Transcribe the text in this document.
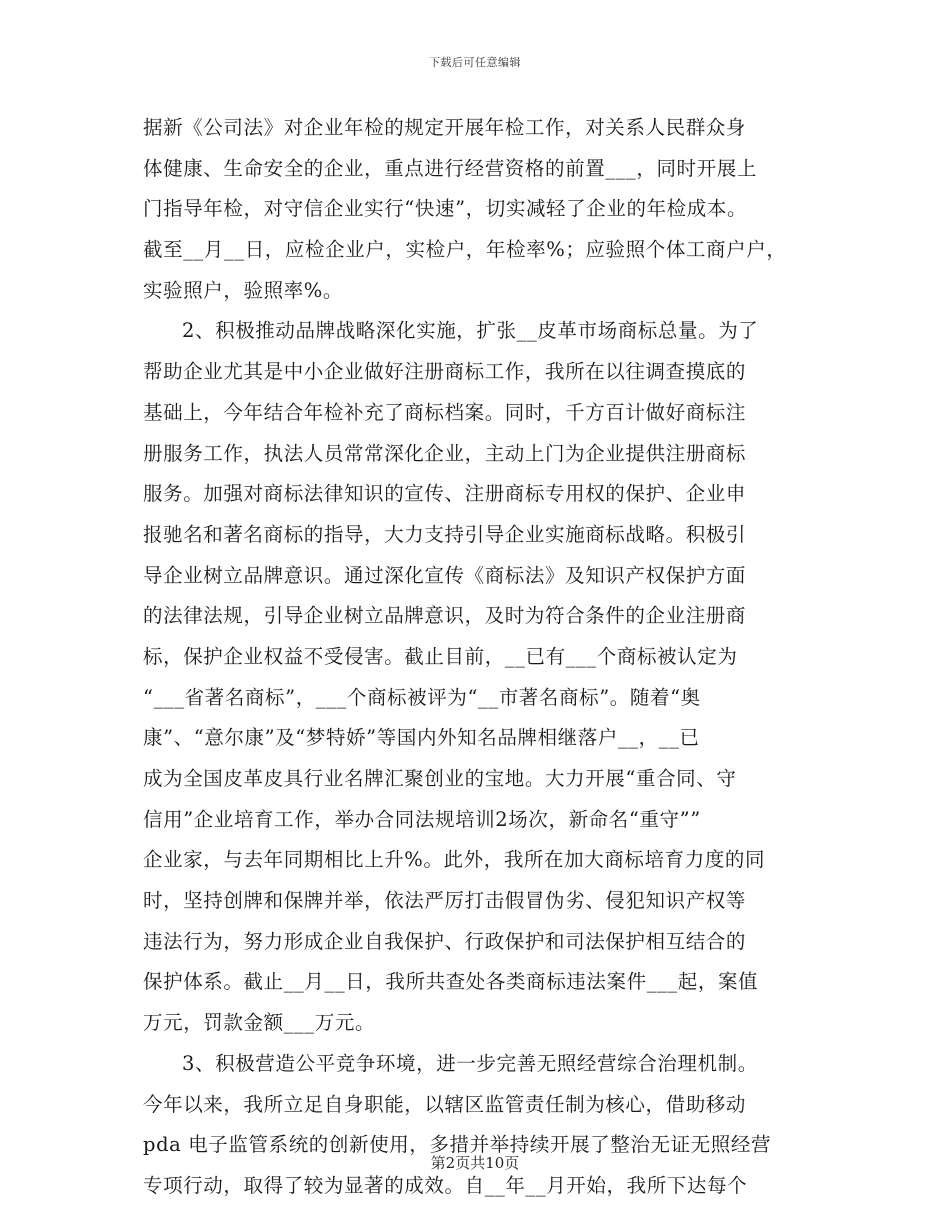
下载后可任意编辑
据新《公司法》对企业年检的规定开展年检工作，对关系人民群众身
体健康、生命安全的企业，重点进行经营资格的前置___，同时开展上
门指导年检，对守信企业实行“快速”，切实减轻了企业的年检成本。
截至__月__日，应检企业户，实检户，年检率%；应验照个体工商户户，
实验照户，验照率%。
2、积极推动品牌战略深化实施，扩张__皮革市场商标总量。为了
帮助企业尤其是中小企业做好注册商标工作，我所在以往调查摸底的
基础上，今年结合年检补充了商标档案。同时，千方百计做好商标注
册服务工作，执法人员常常深化企业，主动上门为企业提供注册商标
服务。加强对商标法律知识的宣传、注册商标专用权的保护、企业申
报驰名和著名商标的指导，大力支持引导企业实施商标战略。积极引
导企业树立品牌意识。通过深化宣传《商标法》及知识产权保护方面
的法律法规，引导企业树立品牌意识，及时为符合条件的企业注册商
标，保护企业权益不受侵害。截止目前，__已有___个商标被认定为
“___省著名商标”，___个商标被评为“__市著名商标”。随着“奥
康”、“意尔康”及“梦特娇”等国内外知名品牌相继落户__，__已
成为全国皮革皮具行业名牌汇聚创业的宝地。大力开展“重合同、守
信用”企业培育工作，举办合同法规培训2场次，新命名“重守””
企业家，与去年同期相比上升%。此外，我所在加大商标培育力度的同
时，坚持创牌和保牌并举，依法严厉打击假冒伪劣、侵犯知识产权等
违法行为，努力形成企业自我保护、行政保护和司法保护相互结合的
保护体系。截止__月__日，我所共查处各类商标违法案件___起，案值
万元，罚款金额___万元。
3、积极营造公平竞争环境，进一步完善无照经营综合治理机制。
今年以来，我所立足自身职能，以辖区监管责任制为核心，借助移动
pda 电子监管系统的创新使用，多措并举持续开展了整治无证无照经营
专项行动，取得了较为显著的成效。自__年__月开始，我所下达每个
第2页共10页
